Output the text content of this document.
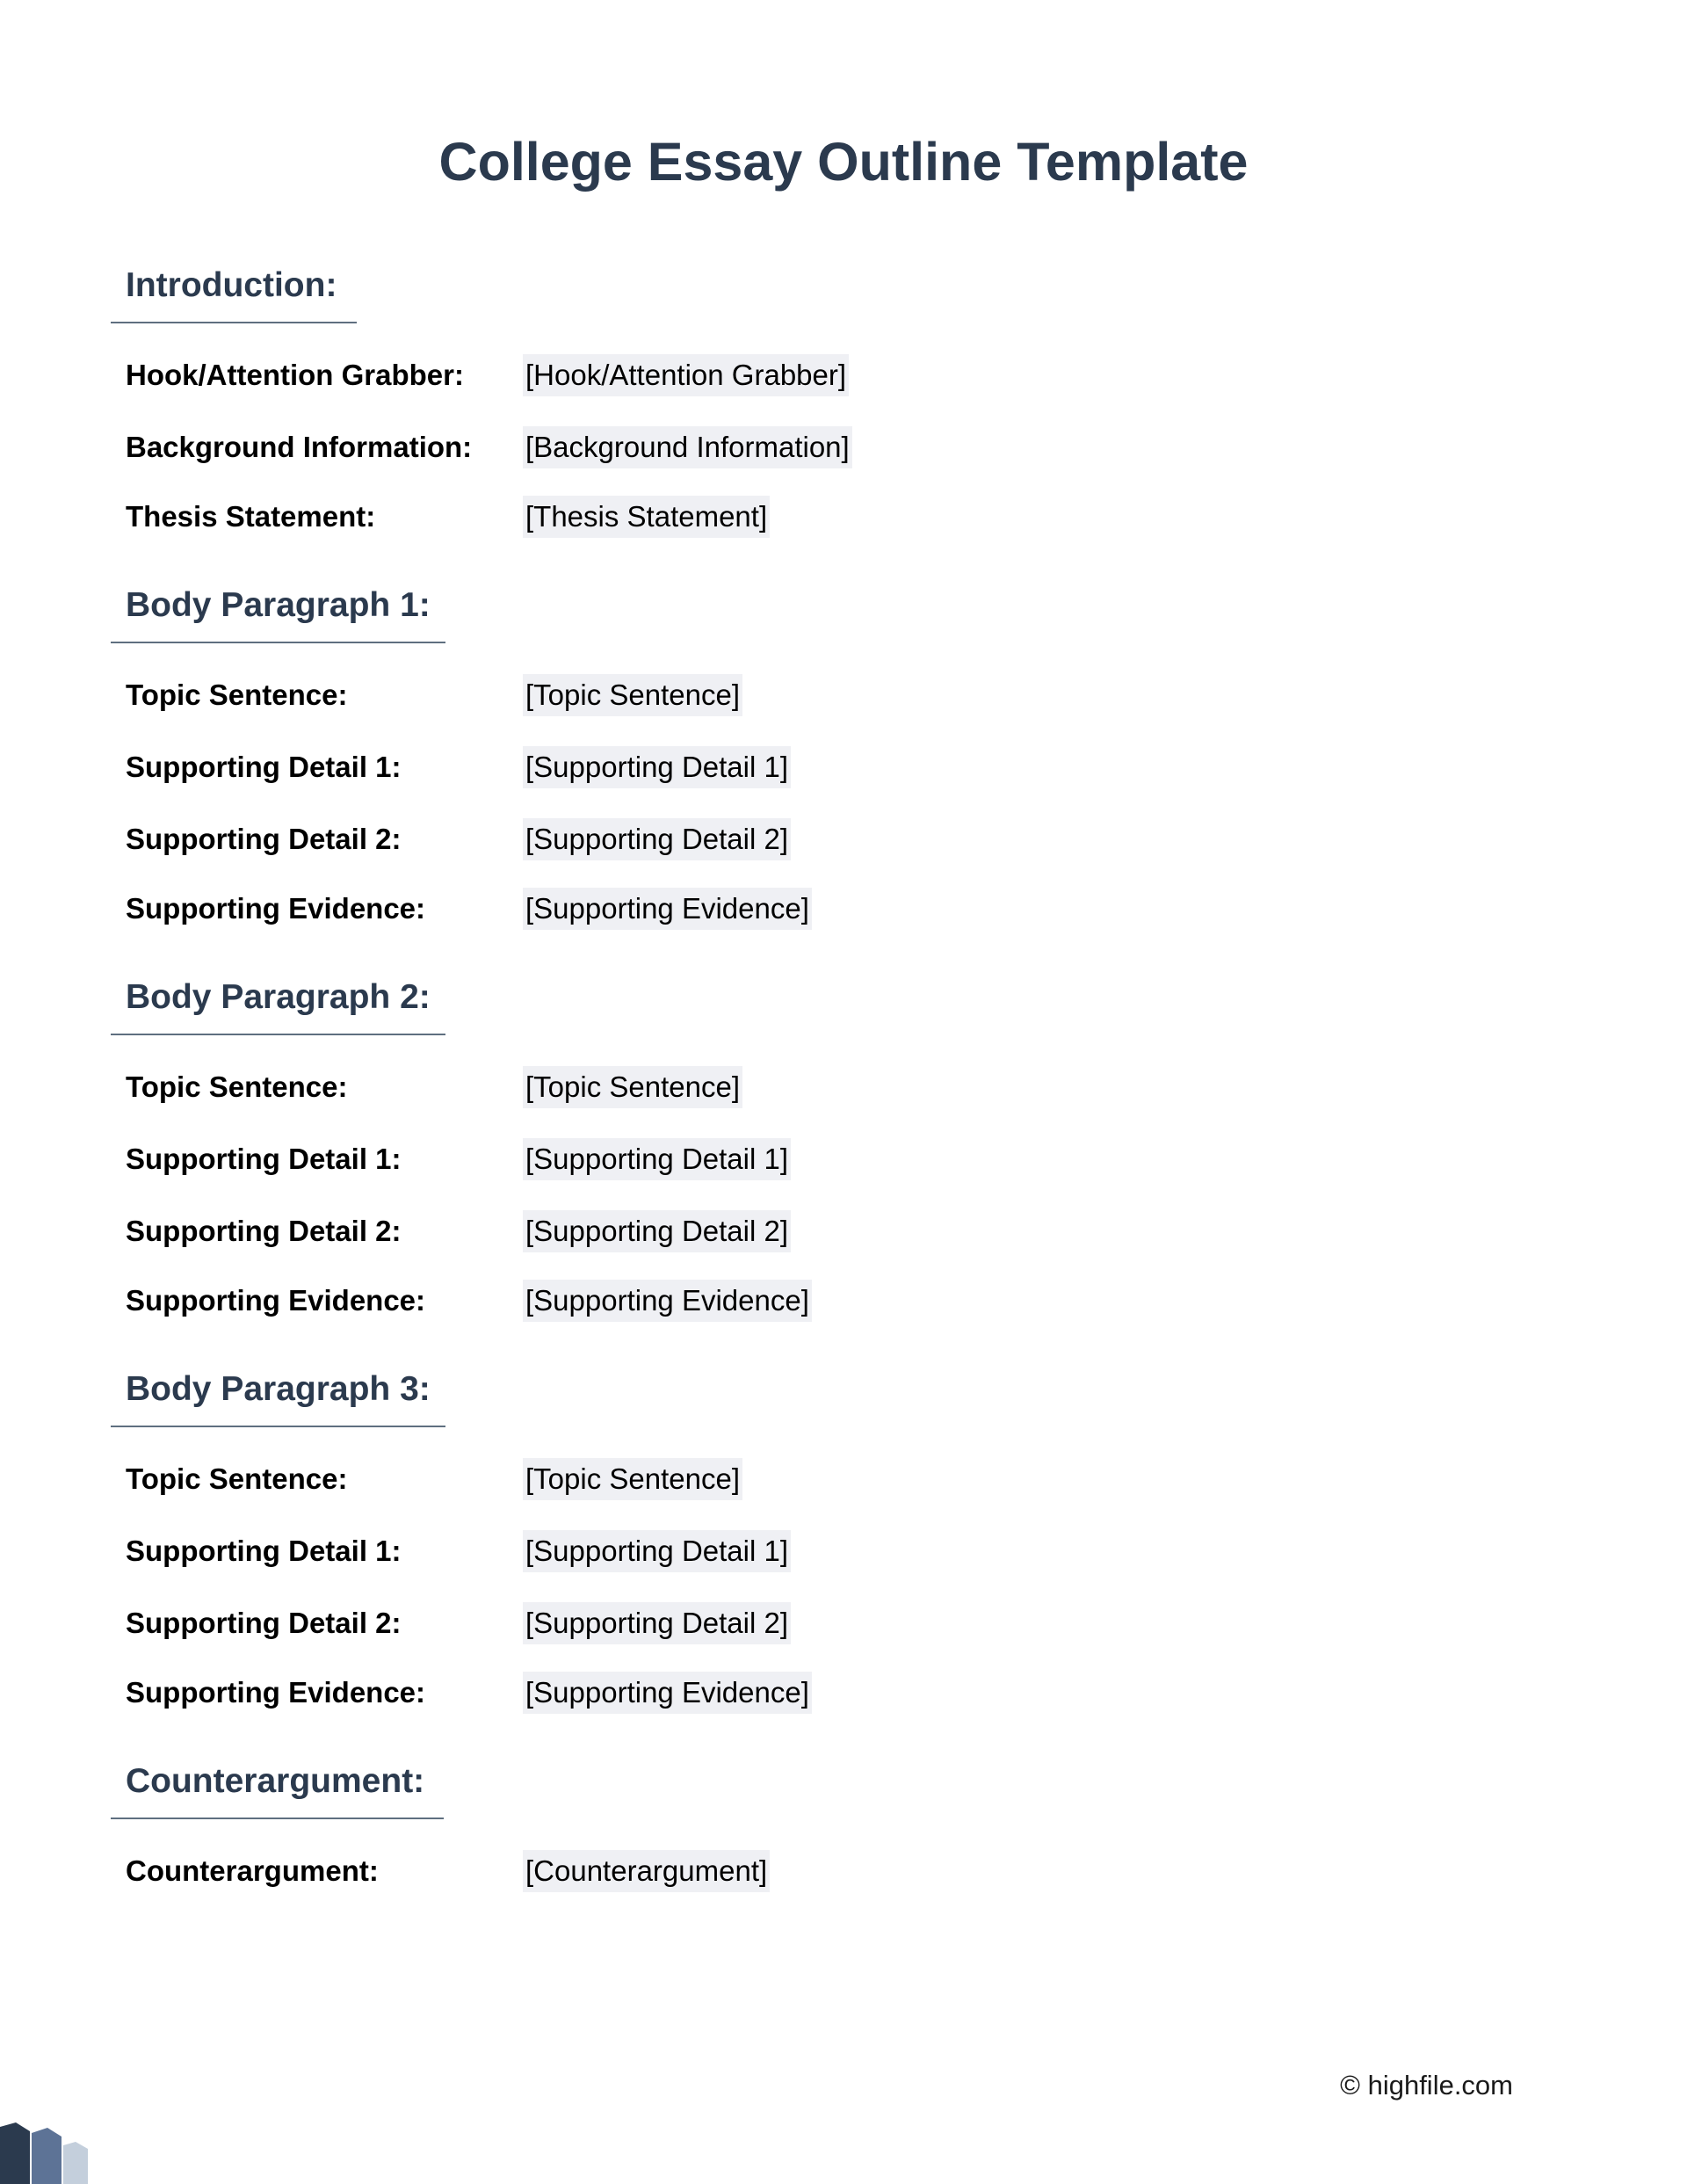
College Essay Outline Template
Introduction:
Hook/Attention Grabber:	[Hook/Attention Grabber]
Background Information:	[Background Information]
Thesis Statement:	[Thesis Statement]
Body Paragraph 1:
Topic Sentence:	[Topic Sentence]
Supporting Detail 1:	[Supporting Detail 1]
Supporting Detail 2:	[Supporting Detail 2]
Supporting Evidence:	[Supporting Evidence]
Body Paragraph 2:
Topic Sentence:	[Topic Sentence]
Supporting Detail 1:	[Supporting Detail 1]
Supporting Detail 2:	[Supporting Detail 2]
Supporting Evidence:	[Supporting Evidence]
Body Paragraph 3:
Topic Sentence:	[Topic Sentence]
Supporting Detail 1:	[Supporting Detail 1]
Supporting Detail 2:	[Supporting Detail 2]
Supporting Evidence:	[Supporting Evidence]
Counterargument:
Counterargument:	[Counterargument]
© highfile.com
